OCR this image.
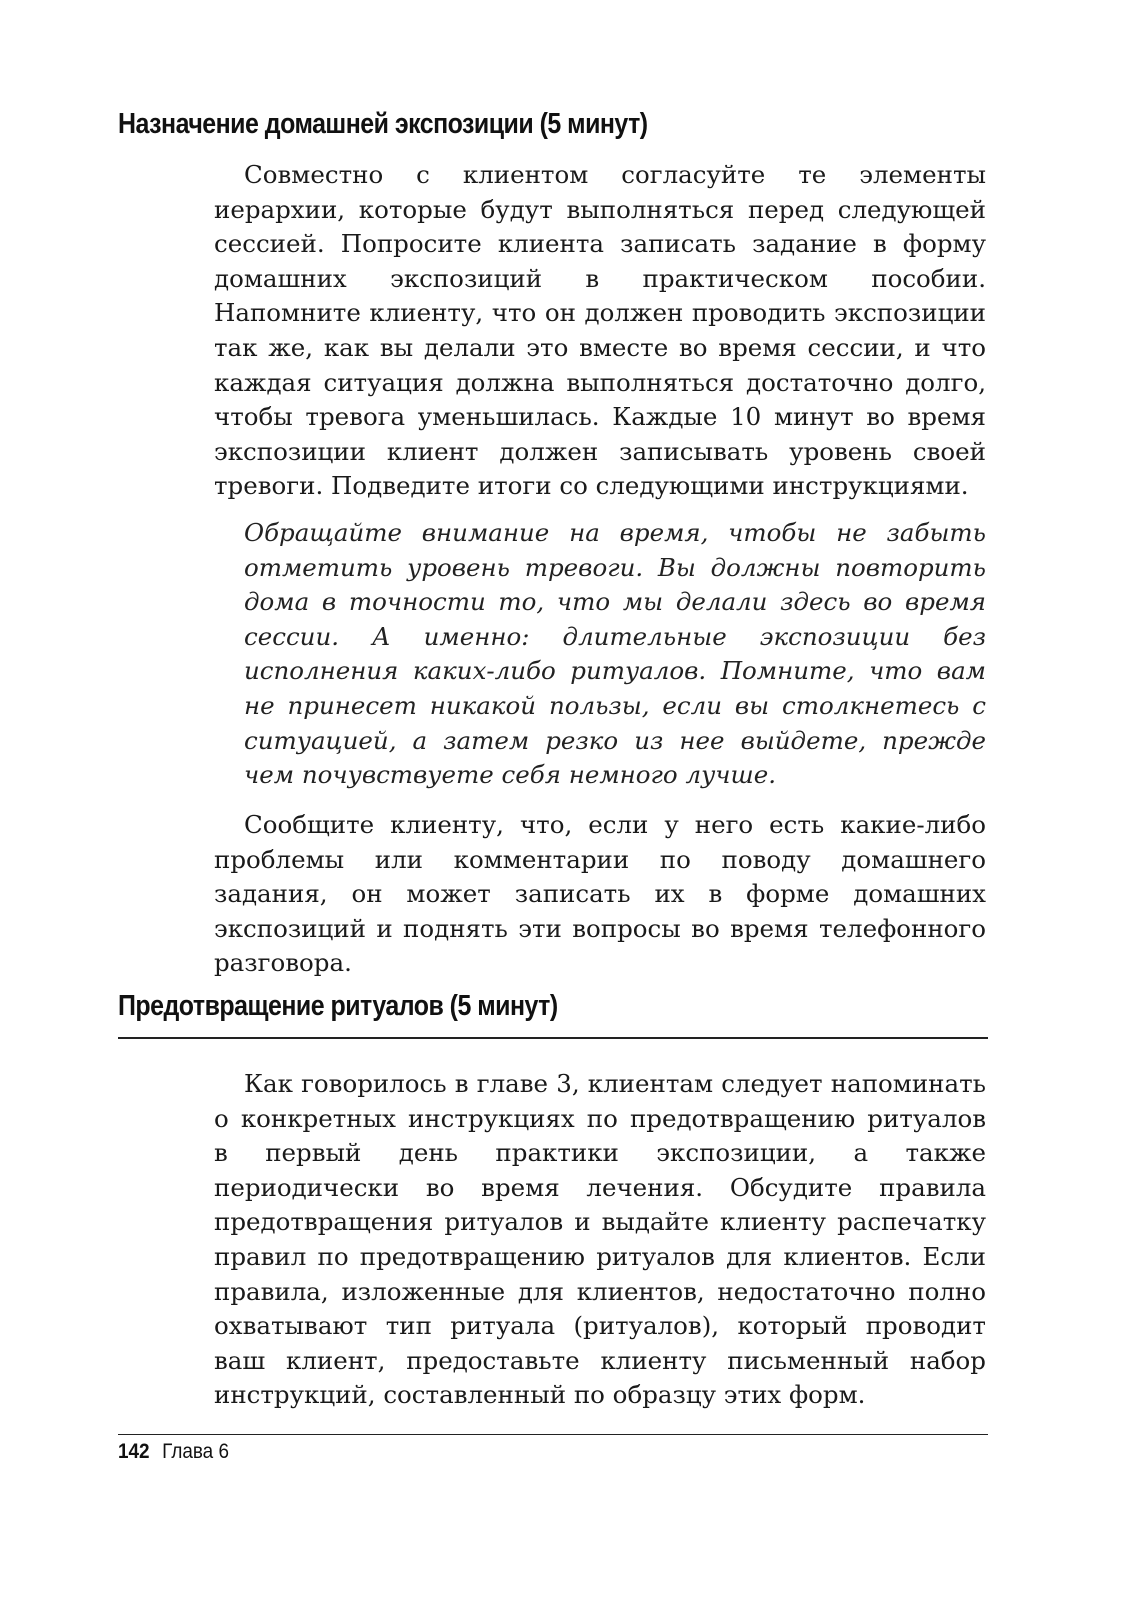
Назначение домашней экспозиции (5 минут)

Совместно с клиентом согласуйте те элементы иерархии, которые будут выполняться перед следующей сессией. Попросите клиента записать задание в форму домашних экспозиций в практическом пособии. Напомните клиенту, что он должен проводить экспозиции так же, как вы делали это вместе во время сессии, и что каждая ситуация должна выполняться достаточно долго, чтобы тревога уменьшилась. Каждые 10 минут во время экспозиции клиент должен записывать уровень своей тревоги. Подведите итоги со следующими инструкциями.

Обращайте внимание на время, чтобы не забыть отметить уровень тревоги. Вы должны повторить дома в точности то, что мы делали здесь во время сессии. А именно: длительные экспозиции без исполнения каких-либо ритуалов. Помните, что вам не принесет никакой пользы, если вы столкнетесь с ситуацией, а затем резко из нее выйдете, прежде чем почувствуете себя немного лучше.

Сообщите клиенту, что, если у него есть какие-либо проблемы или комментарии по поводу домашнего задания, он может записать их в форме домашних экспозиций и поднять эти вопросы во время телефонного разговора.

Предотвращение ритуалов (5 минут)

Как говорилось в главе 3, клиентам следует напоминать о конкретных инструкциях по предотвращению ритуалов в первый день практики экспозиции, а также периодически во время лечения. Обсудите правила предотвращения ритуалов и выдайте клиенту распечатку правил по предотвращению ритуалов для клиентов. Если правила, изложенные для клиентов, недостаточно полно охватывают тип ритуала (ритуалов), который проводит ваш клиент, предоставьте клиенту письменный набор инструкций, составленный по образцу этих форм.

142 Глава 6
